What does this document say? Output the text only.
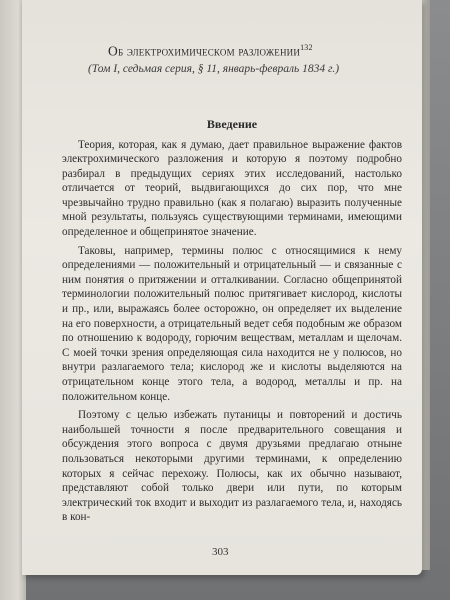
Об электрохимическом разложении$^{132}$
(Том I, седьмая серия, § 11, январь-февраль 1834 г.)
Введение

Теория, которая, как я думаю, дает правильное выражение фактов электрохимического разложения и которую я поэтому подробно разбирал в предыдущих сериях этих исследований, настолько отличается от теорий, выдвигающихся до сих пор, что мне чрезвычайно трудно правильно (как я полагаю) выразить полученные мной результаты, пользуясь существующими терминами, имеющими определенное и общепринятое значение.

Таковы, например, термины полюс с относящимися к нему определениями — положительный и отрицательный — и связанные с ним понятия о притяжении и отталкивании. Согласно общепринятой терминологии положительный полюс притягивает кислород, кислоты и пр., или, выражаясь более осторожно, он определяет их выделение на его поверхности, а отрицательный ведет себя подобным же образом по отношению к водороду, горючим веществам, металлам и щелочам. С моей точки зрения определяющая сила находится не у полюсов, но внутри разлагаемого тела; кислород же и кислоты выделяются на отрицательном конце этого тела, а водород, металлы и пр. на положительном конце.

Поэтому с целью избежать путаницы и повторений и достичь наибольшей точности я после предварительного совещания и обсуждения этого вопроса с двумя друзьями предлагаю отныне пользоваться некоторыми другими терминами, к определению которых я сейчас перехожу. Полюсы, как их обычно называют, представляют собой только двери или пути, по которым электрический ток входит и выходит из разлагаемого тела, и, находясь в кон-

303
